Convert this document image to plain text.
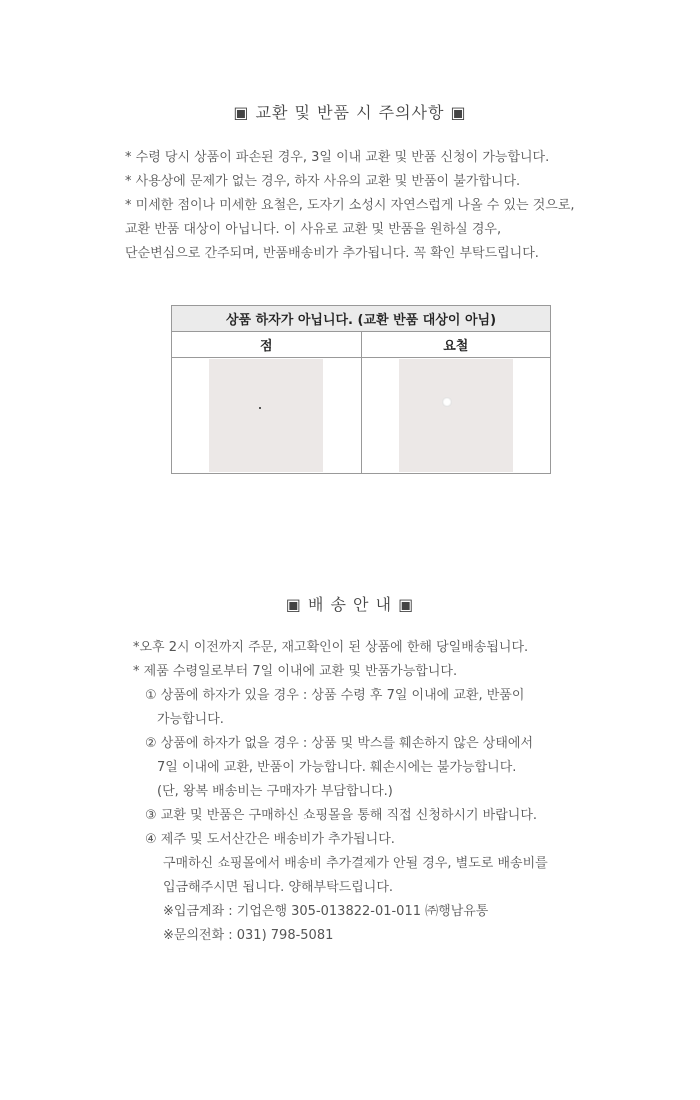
▣ 교환 및 반품 시 주의사항 ▣
* 수령 당시 상품이 파손된 경우, 3일 이내 교환 및 반품 신청이 가능합니다.
* 사용상에 문제가 없는 경우, 하자 사유의 교환 및 반품이 불가합니다.
* 미세한 점이나 미세한 요철은, 도자기 소성시 자연스럽게 나올 수 있는 것으로,
교환 반품 대상이 아닙니다. 이 사유로 교환 및 반품을 원하실 경우,
단순변심으로 간주되며, 반품배송비가 추가됩니다. 꼭 확인 부탁드립니다.
상품 하자가 아닙니다. (교환 반품 대상이 아님)	
점	요철

▣ 배 송 안 내 ▣
*오후 2시 이전까지 주문, 재고확인이 된 상품에 한해 당일배송됩니다.
* 제품 수령일로부터 7일 이내에 교환 및 반품가능합니다.
① 상품에 하자가 있을 경우 : 상품 수령 후 7일 이내에 교환, 반품이
가능합니다.
② 상품에 하자가 없을 경우 : 상품 및 박스를 훼손하지 않은 상태에서
7일 이내에 교환, 반품이 가능합니다. 훼손시에는 불가능합니다.
(단, 왕복 배송비는 구매자가 부담합니다.)
③ 교환 및 반품은 구매하신 쇼핑몰을 통해 직접 신청하시기 바랍니다.
④ 제주 및 도서산간은 배송비가 추가됩니다.
구매하신 쇼핑몰에서 배송비 추가결제가 안될 경우, 별도로 배송비를
입금해주시면 됩니다. 양해부탁드립니다.
※입금계좌 : 기업은행 305-013822-01-011 ㈜행남유통
※문의전화 : 031) 798-5081
